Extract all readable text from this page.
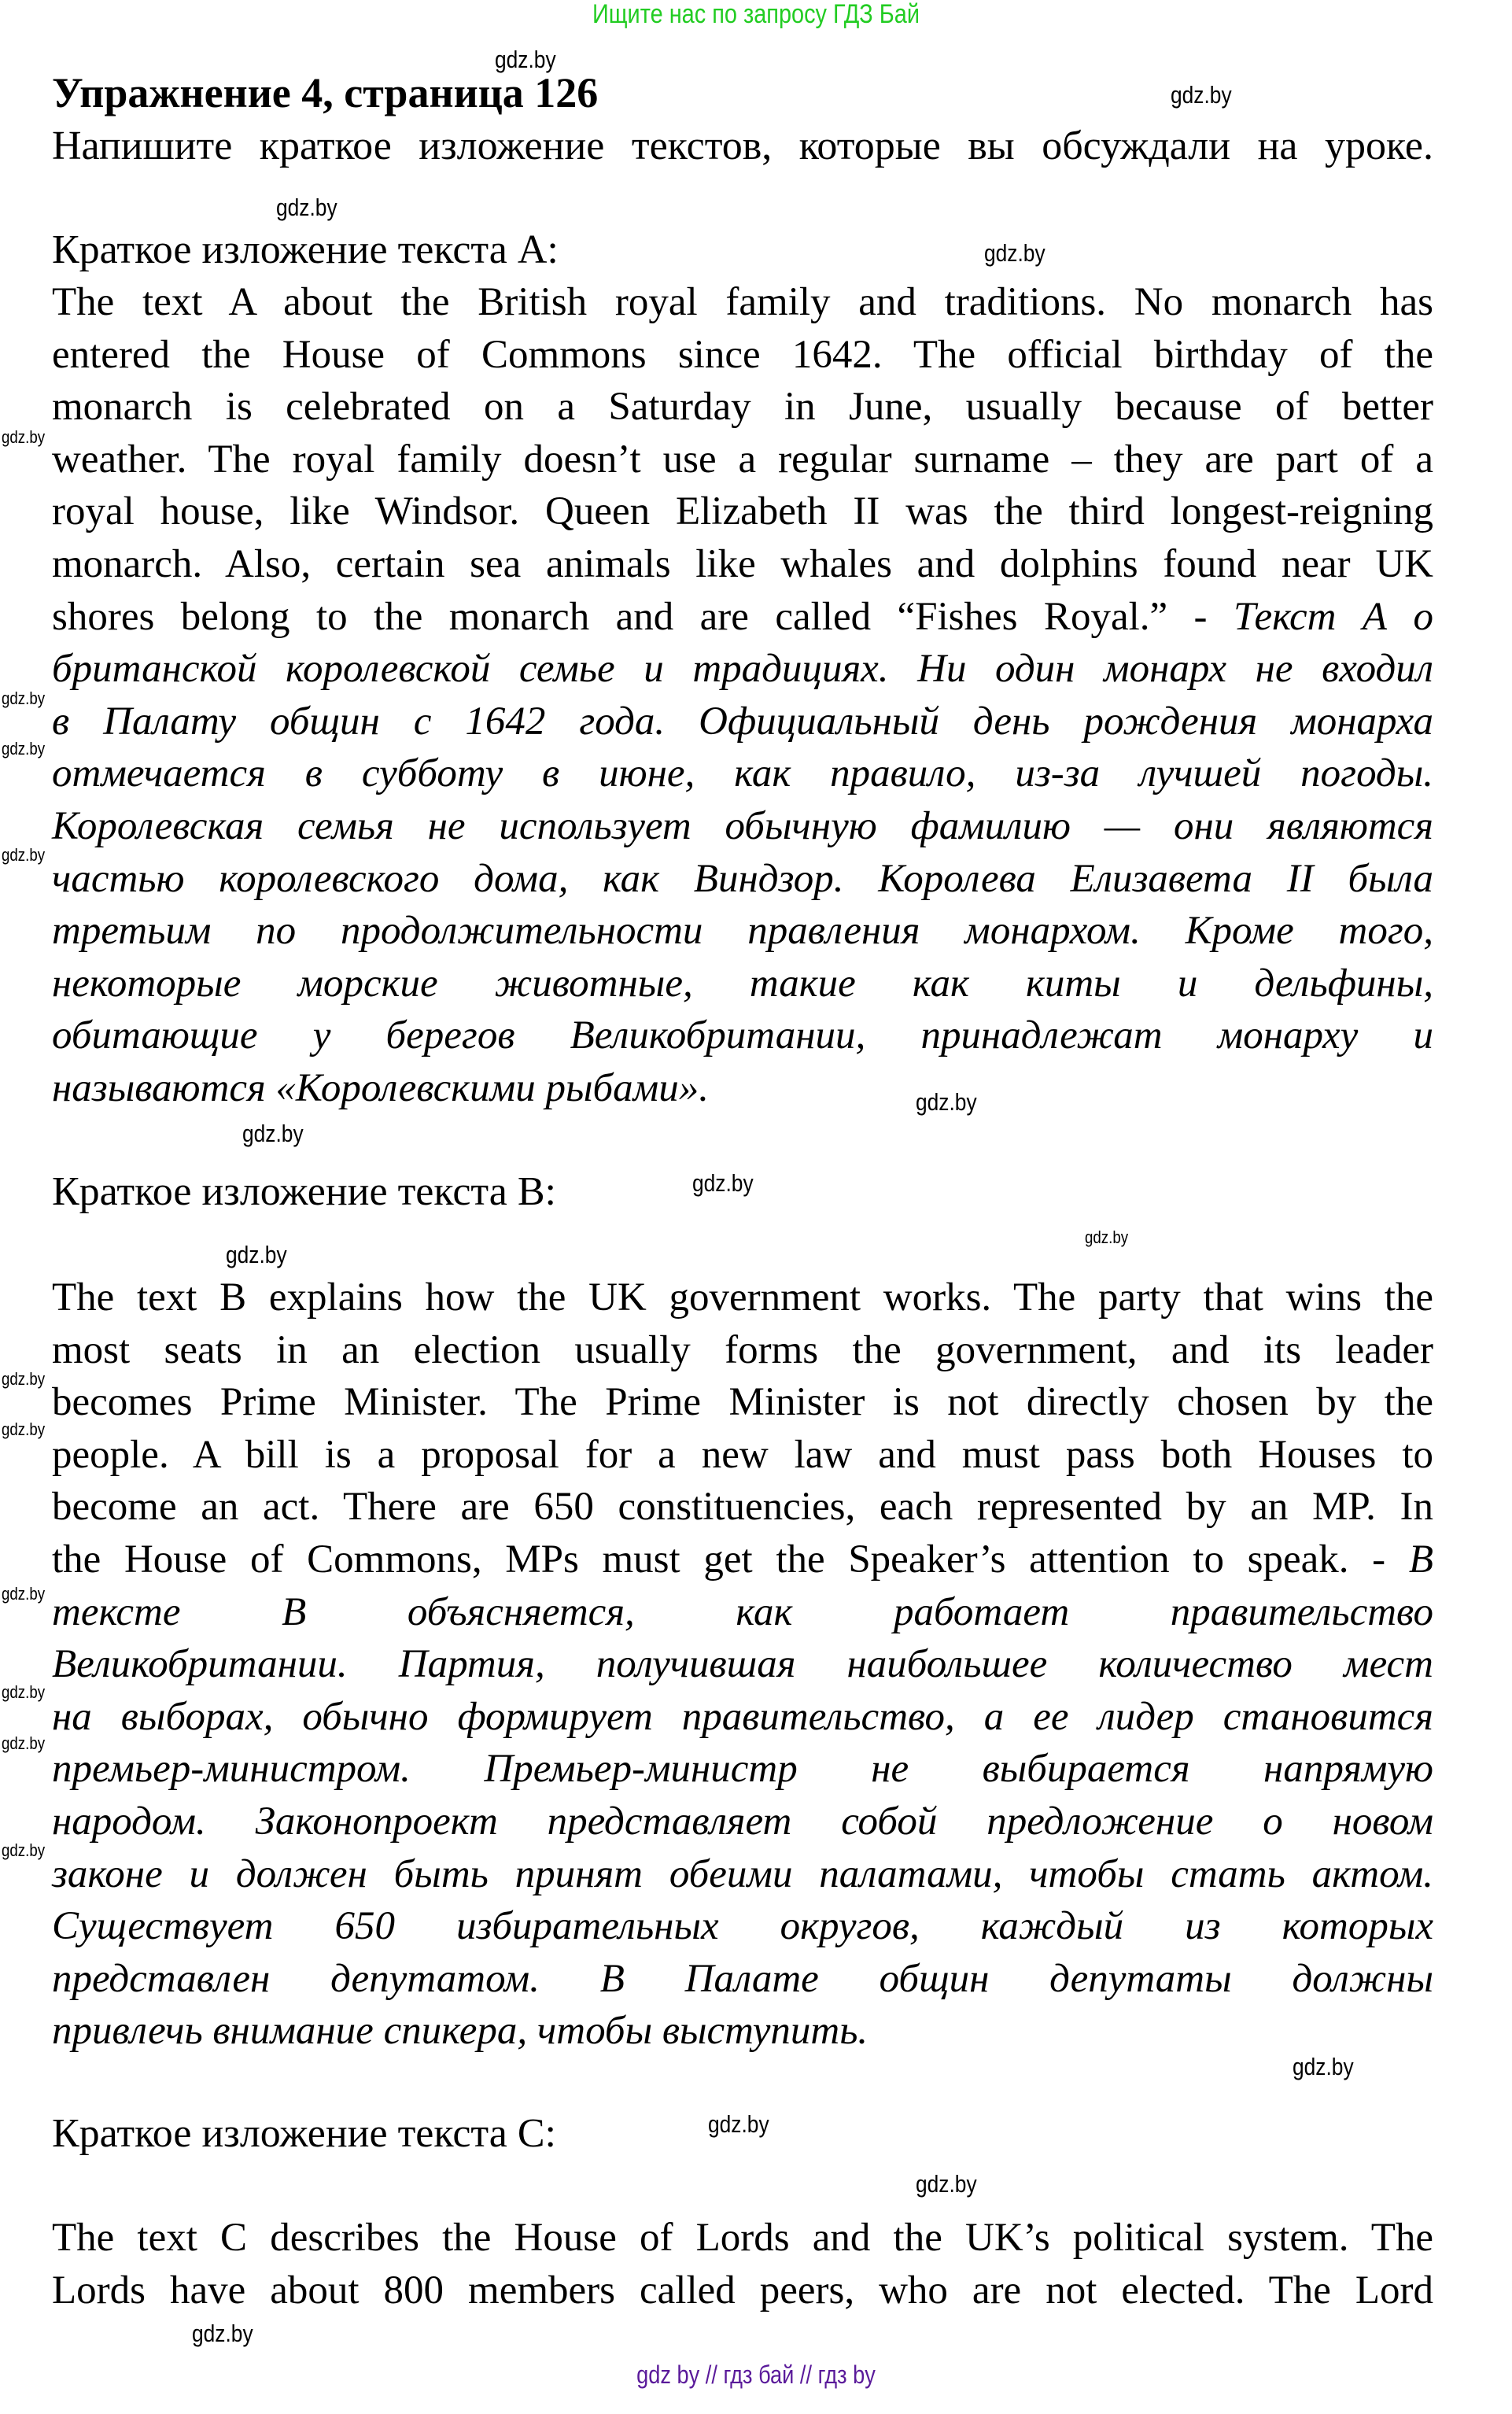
Ищите нас по запросу ГДЗ Бай
Упражнение 4, страница 126
Напишите краткое изложение текстов, которые вы обсуждали на уроке.
Краткое изложение текста A:
The text A about the British royal family and traditions. No monarch has
entered the House of Commons since 1642. The official birthday of the
monarch is celebrated on a Saturday in June, usually because of better
weather. The royal family doesn’t use a regular surname – they are part of a
royal house, like Windsor. Queen Elizabeth II was the third longest-reigning
monarch. Also, certain sea animals like whales and dolphins found near UK
shores belong to the monarch and are called “Fishes Royal.” - Текст А о
британской королевской семье и традициях. Ни один монарх не входил
в Палату общин с 1642 года. Официальный день рождения монарха
отмечается в субботу в июне, как правило, из-за лучшей погоды.
Королевская семья не использует обычную фамилию — они являются
частью королевского дома, как Виндзор. Королева Елизавета II была
третьим по продолжительности правления монархом. Кроме того,
некоторые морские животные, такие как киты и дельфины,
обитающие у берегов Великобритании, принадлежат монарху и
называются «Королевскими рыбами».
Краткое изложение текста B:
The text B explains how the UK government works. The party that wins the
most seats in an election usually forms the government, and its leader
becomes Prime Minister. The Prime Minister is not directly chosen by the
people. A bill is a proposal for a new law and must pass both Houses to
become an act. There are 650 constituencies, each represented by an MP. In
the House of Commons, MPs must get the Speaker’s attention to speak. - В
тексте В объясняется, как работает правительство
Великобритании. Партия, получившая наибольшее количество мест
на выборах, обычно формирует правительство, а ее лидер становится
премьер-министром. Премьер-министр не выбирается напрямую
народом. Законопроект представляет собой предложение о новом
законе и должен быть принят обеими палатами, чтобы стать актом.
Существует 650 избирательных округов, каждый из которых
представлен депутатом. В Палате общин депутаты должны
привлечь внимание спикера, чтобы выступить.
Краткое изложение текста C:
The text C describes the House of Lords and the UK’s political system. The
Lords have about 800 members called peers, who are not elected. The Lord
gdz.by
gdz.by
gdz.by
gdz.by
gdz.by
gdz.by
gdz.by
gdz.by
gdz.by
gdz.by
gdz.by
gdz.by
gdz.by
gdz.by
gdz.by
gdz.by
gdz.by
gdz.by
gdz.by
gdz.by
gdz.by
gdz.by
gdz.by
gdz by // гдз бай // гдз by
